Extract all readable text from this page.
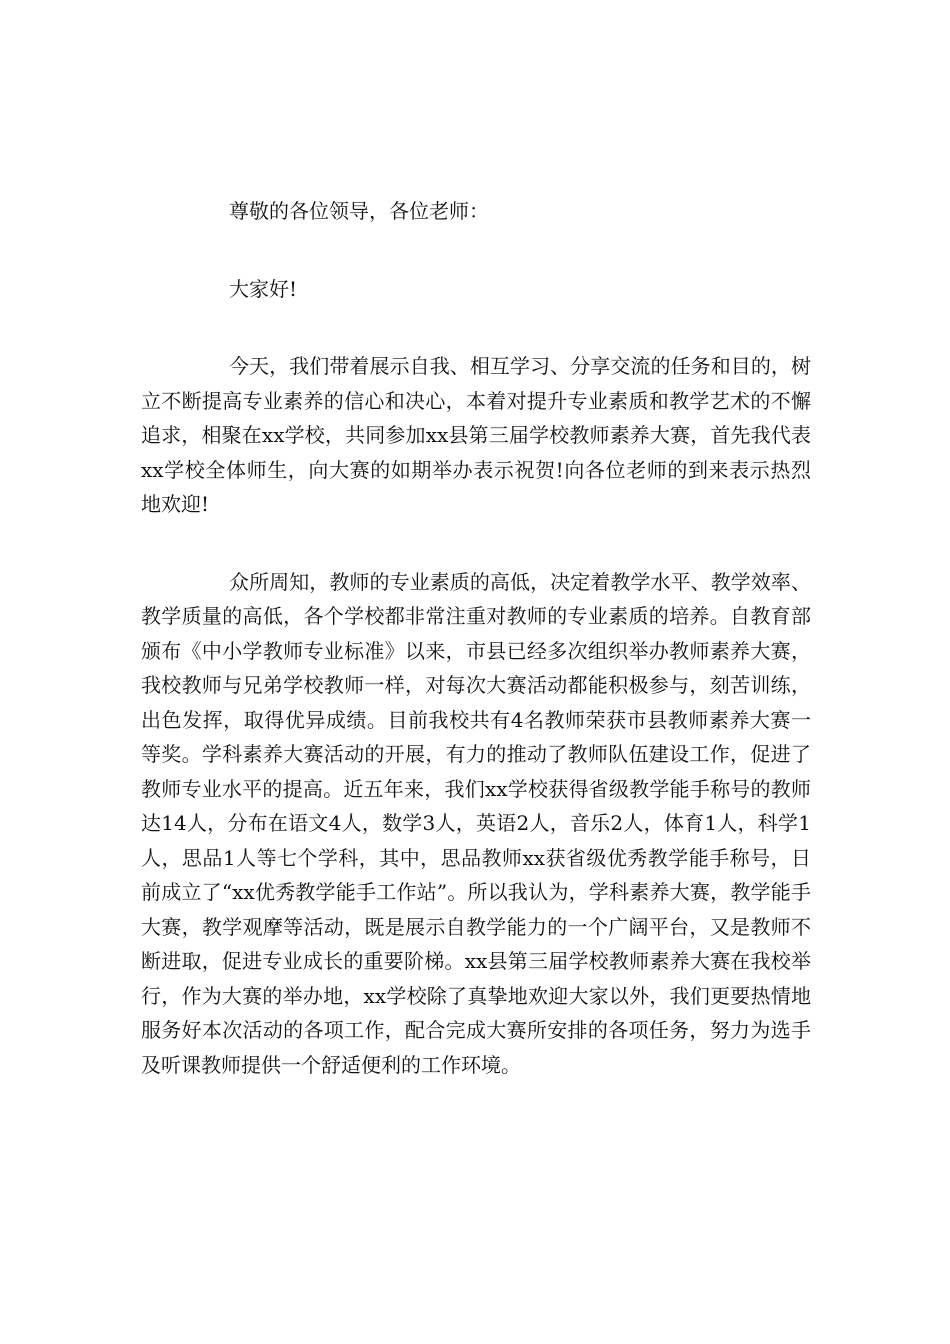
尊敬的各位领导，各位老师：

大家好!

今天，我们带着展示自我、相互学习、分享交流的任务和目的，树立不断提高专业素养的信心和决心，本着对提升专业素质和教学艺术的不懈追求，相聚在xx学校，共同参加xx县第三届学校教师素养大赛，首先我代表xx学校全体师生，向大赛的如期举办表示祝贺!向各位老师的到来表示热烈地欢迎!

众所周知，教师的专业素质的高低，决定着教学水平、教学效率、教学质量的高低，各个学校都非常注重对教师的专业素质的培养。自教育部颁布《中小学教师专业标准》以来，市县已经多次组织举办教师素养大赛，我校教师与兄弟学校教师一样，对每次大赛活动都能积极参与，刻苦训练，出色发挥，取得优异成绩。目前我校共有4名教师荣获市县教师素养大赛一等奖。学科素养大赛活动的开展，有力的推动了教师队伍建设工作，促进了教师专业水平的提高。近五年来，我们xx学校获得省级教学能手称号的教师达14人，分布在语文4人，数学3人，英语2人，音乐2人，体育1人，科学1人，思品1人等七个学科，其中，思品教师xx获省级优秀教学能手称号，日前成立了“xx优秀教学能手工作站”。所以我认为，学科素养大赛，教学能手大赛，教学观摩等活动，既是展示自教学能力的一个广阔平台，又是教师不断进取，促进专业成长的重要阶梯。xx县第三届学校教师素养大赛在我校举行，作为大赛的举办地，xx学校除了真挚地欢迎大家以外，我们更要热情地服务好本次活动的各项工作，配合完成大赛所安排的各项任务，努力为选手及听课教师提供一个舒适便利的工作环境。
